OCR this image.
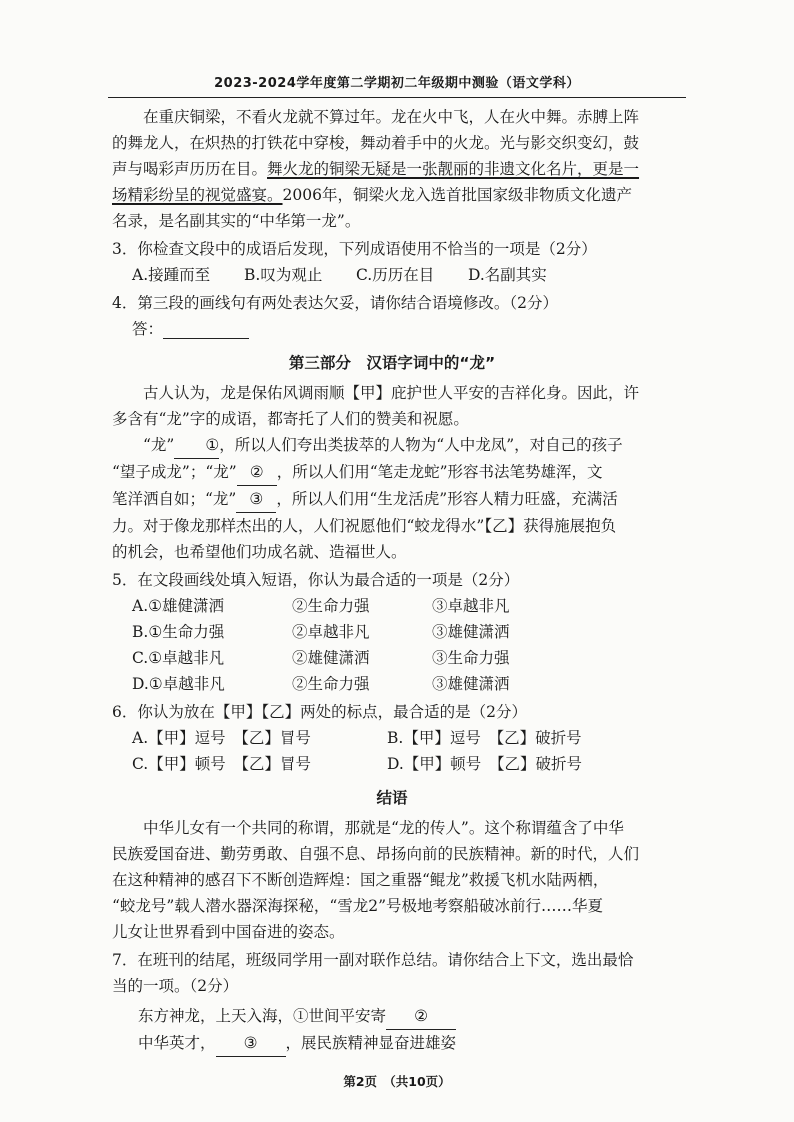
2023-2024学年度第二学期初二年级期中测验（语文学科）

在重庆铜梁，不看火龙就不算过年。龙在火中飞，人在火中舞。赤膊上阵

的舞龙人，在炽热的打铁花中穿梭，舞动着手中的火龙。光与影交织变幻，鼓

声与喝彩声历历在目。舞火龙的铜梁无疑是一张靓丽的非遗文化名片，更是一

场精彩纷呈的视觉盛宴。2006年，铜梁火龙入选首批国家级非物质文化遗产

名录，是名副其实的“中华第一龙”。

3．你检查文段中的成语后发现，下列成语使用不恰当的一项是（2分）

A.接踵而至	B.叹为观止	C.历历在目	D.名副其实

4．第三段的画线句有两处表达欠妥，请你结合语境修改。（2分）

答：

第三部分　汉语字词中的“龙”

古人认为，龙是保佑风调雨顺【甲】庇护世人平安的吉祥化身。因此，许

多含有“龙”字的成语，都寄托了人们的赞美和祝愿。

“龙” ①，所以人们夸出类拔萃的人物为“人中龙凤”，对自己的孩子

“望子成龙”；“龙” ② ，所以人们用“笔走龙蛇”形容书法笔势雄浑，文

笔洋洒自如；“龙” ③ ，所以人们用“生龙活虎”形容人精力旺盛，充满活

力。对于像龙那样杰出的人，人们祝愿他们“蛟龙得水”【乙】获得施展抱负

的机会，也希望他们功成名就、造福世人。

5．在文段画线处填入短语，你认为最合适的一项是（2分）

A.①雄健潇洒	②生命力强	③卓越非凡
B.①生命力强	②卓越非凡	③雄健潇洒
C.①卓越非凡	②雄健潇洒	③生命力强
D.①卓越非凡	②生命力强	③雄健潇洒

6．你认为放在【甲】【乙】两处的标点，最合适的是（2分）

A.【甲】逗号　【乙】冒号	B.【甲】逗号　【乙】破折号
C.【甲】顿号　【乙】冒号	D.【甲】顿号　【乙】破折号
结语

中华儿女有一个共同的称谓，那就是“龙的传人”。这个称谓蕴含了中华

民族爱国奋进、勤劳勇敢、自强不息、昂扬向前的民族精神。新的时代，人们

在这种精神的感召下不断创造辉煌：国之重器“鲲龙”救援飞机水陆两栖，

“蛟龙号”载人潜水器深海探秘，“雪龙2”号极地考察船破冰前行……华夏

儿女让世界看到中国奋进的姿态。

7．在班刊的结尾，班级同学用一副对联作总结。请你结合上下文，选出最恰

当的一项。（2分）

东方神龙，上天入海，①世间平安寄 ②

中华英才， ③ ，展民族精神显奋进雄姿

第2页　（共10页）
